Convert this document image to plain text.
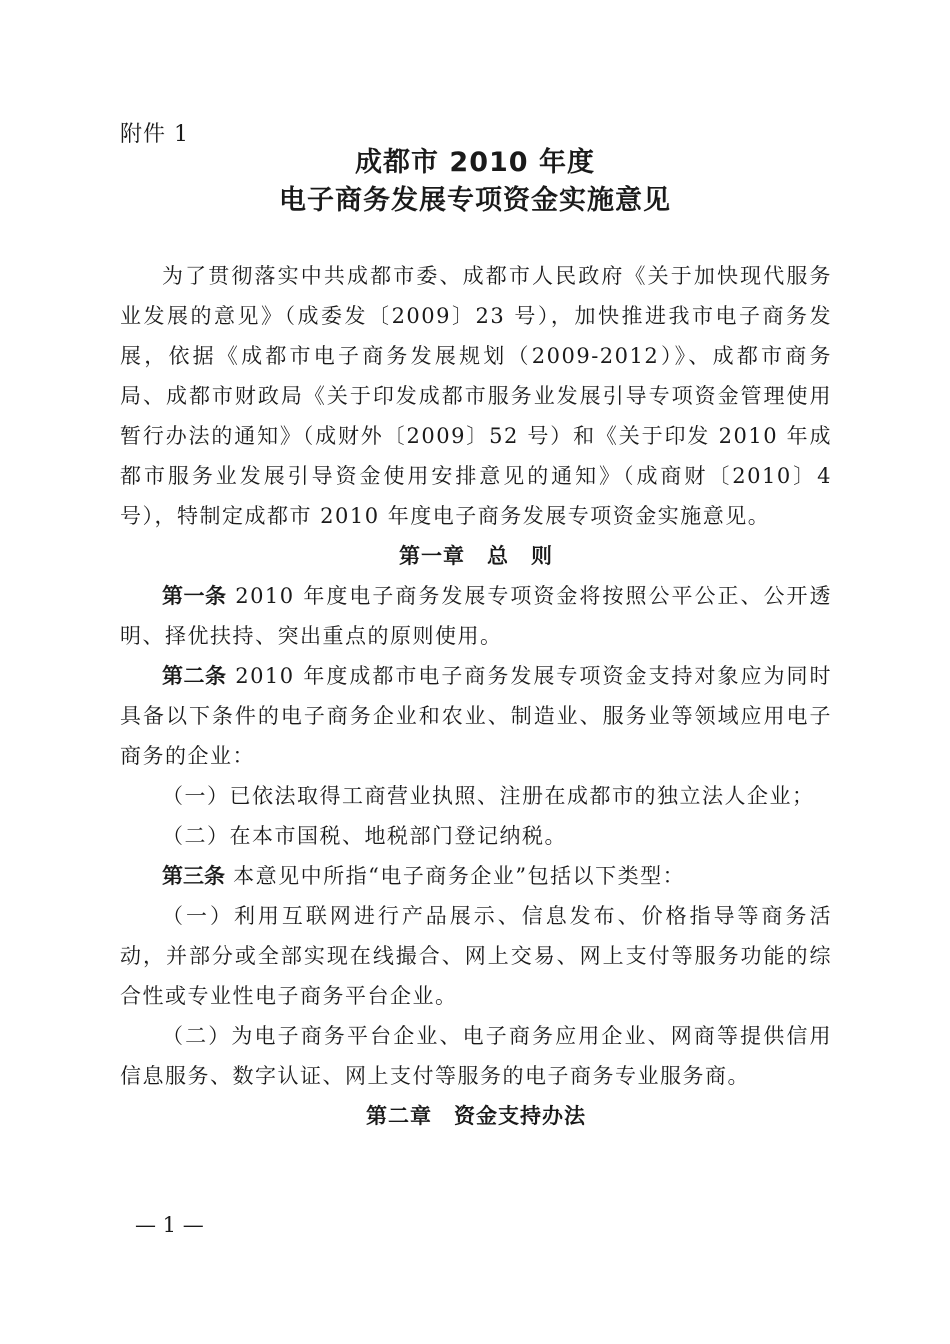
附件 1
成都市 2010 年度
电子商务发展专项资金实施意见

为了贯彻落实中共成都市委、成都市人民政府《关于加快现代服务业发展的意见》（成委发〔2009〕23 号），加快推进我市电子商务发展，依据《成都市电子商务发展规划（2009-2012）》、成都市商务局、成都市财政局《关于印发成都市服务业发展引导专项资金管理使用暂行办法的通知》（成财外〔2009〕52 号）和《关于印发 2010 年成都市服务业发展引导资金使用安排意见的通知》（成商财〔2010〕4 号），特制定成都市 2010 年度电子商务发展专项资金实施意见。

第一章　总　则

第一条 2010 年度电子商务发展专项资金将按照公平公正、公开透明、择优扶持、突出重点的原则使用。

第二条 2010 年度成都市电子商务发展专项资金支持对象应为同时具备以下条件的电子商务企业和农业、制造业、服务业等领域应用电子商务的企业：

（一）已依法取得工商营业执照、注册在成都市的独立法人企业；

（二）在本市国税、地税部门登记纳税。

第三条 本意见中所指“电子商务企业”包括以下类型：

（一）利用互联网进行产品展示、信息发布、价格指导等商务活动，并部分或全部实现在线撮合、网上交易、网上支付等服务功能的综合性或专业性电子商务平台企业。

（二）为电子商务平台企业、电子商务应用企业、网商等提供信用信息服务、数字认证、网上支付等服务的电子商务专业服务商。

第二章　资金支持办法

— 1 —
